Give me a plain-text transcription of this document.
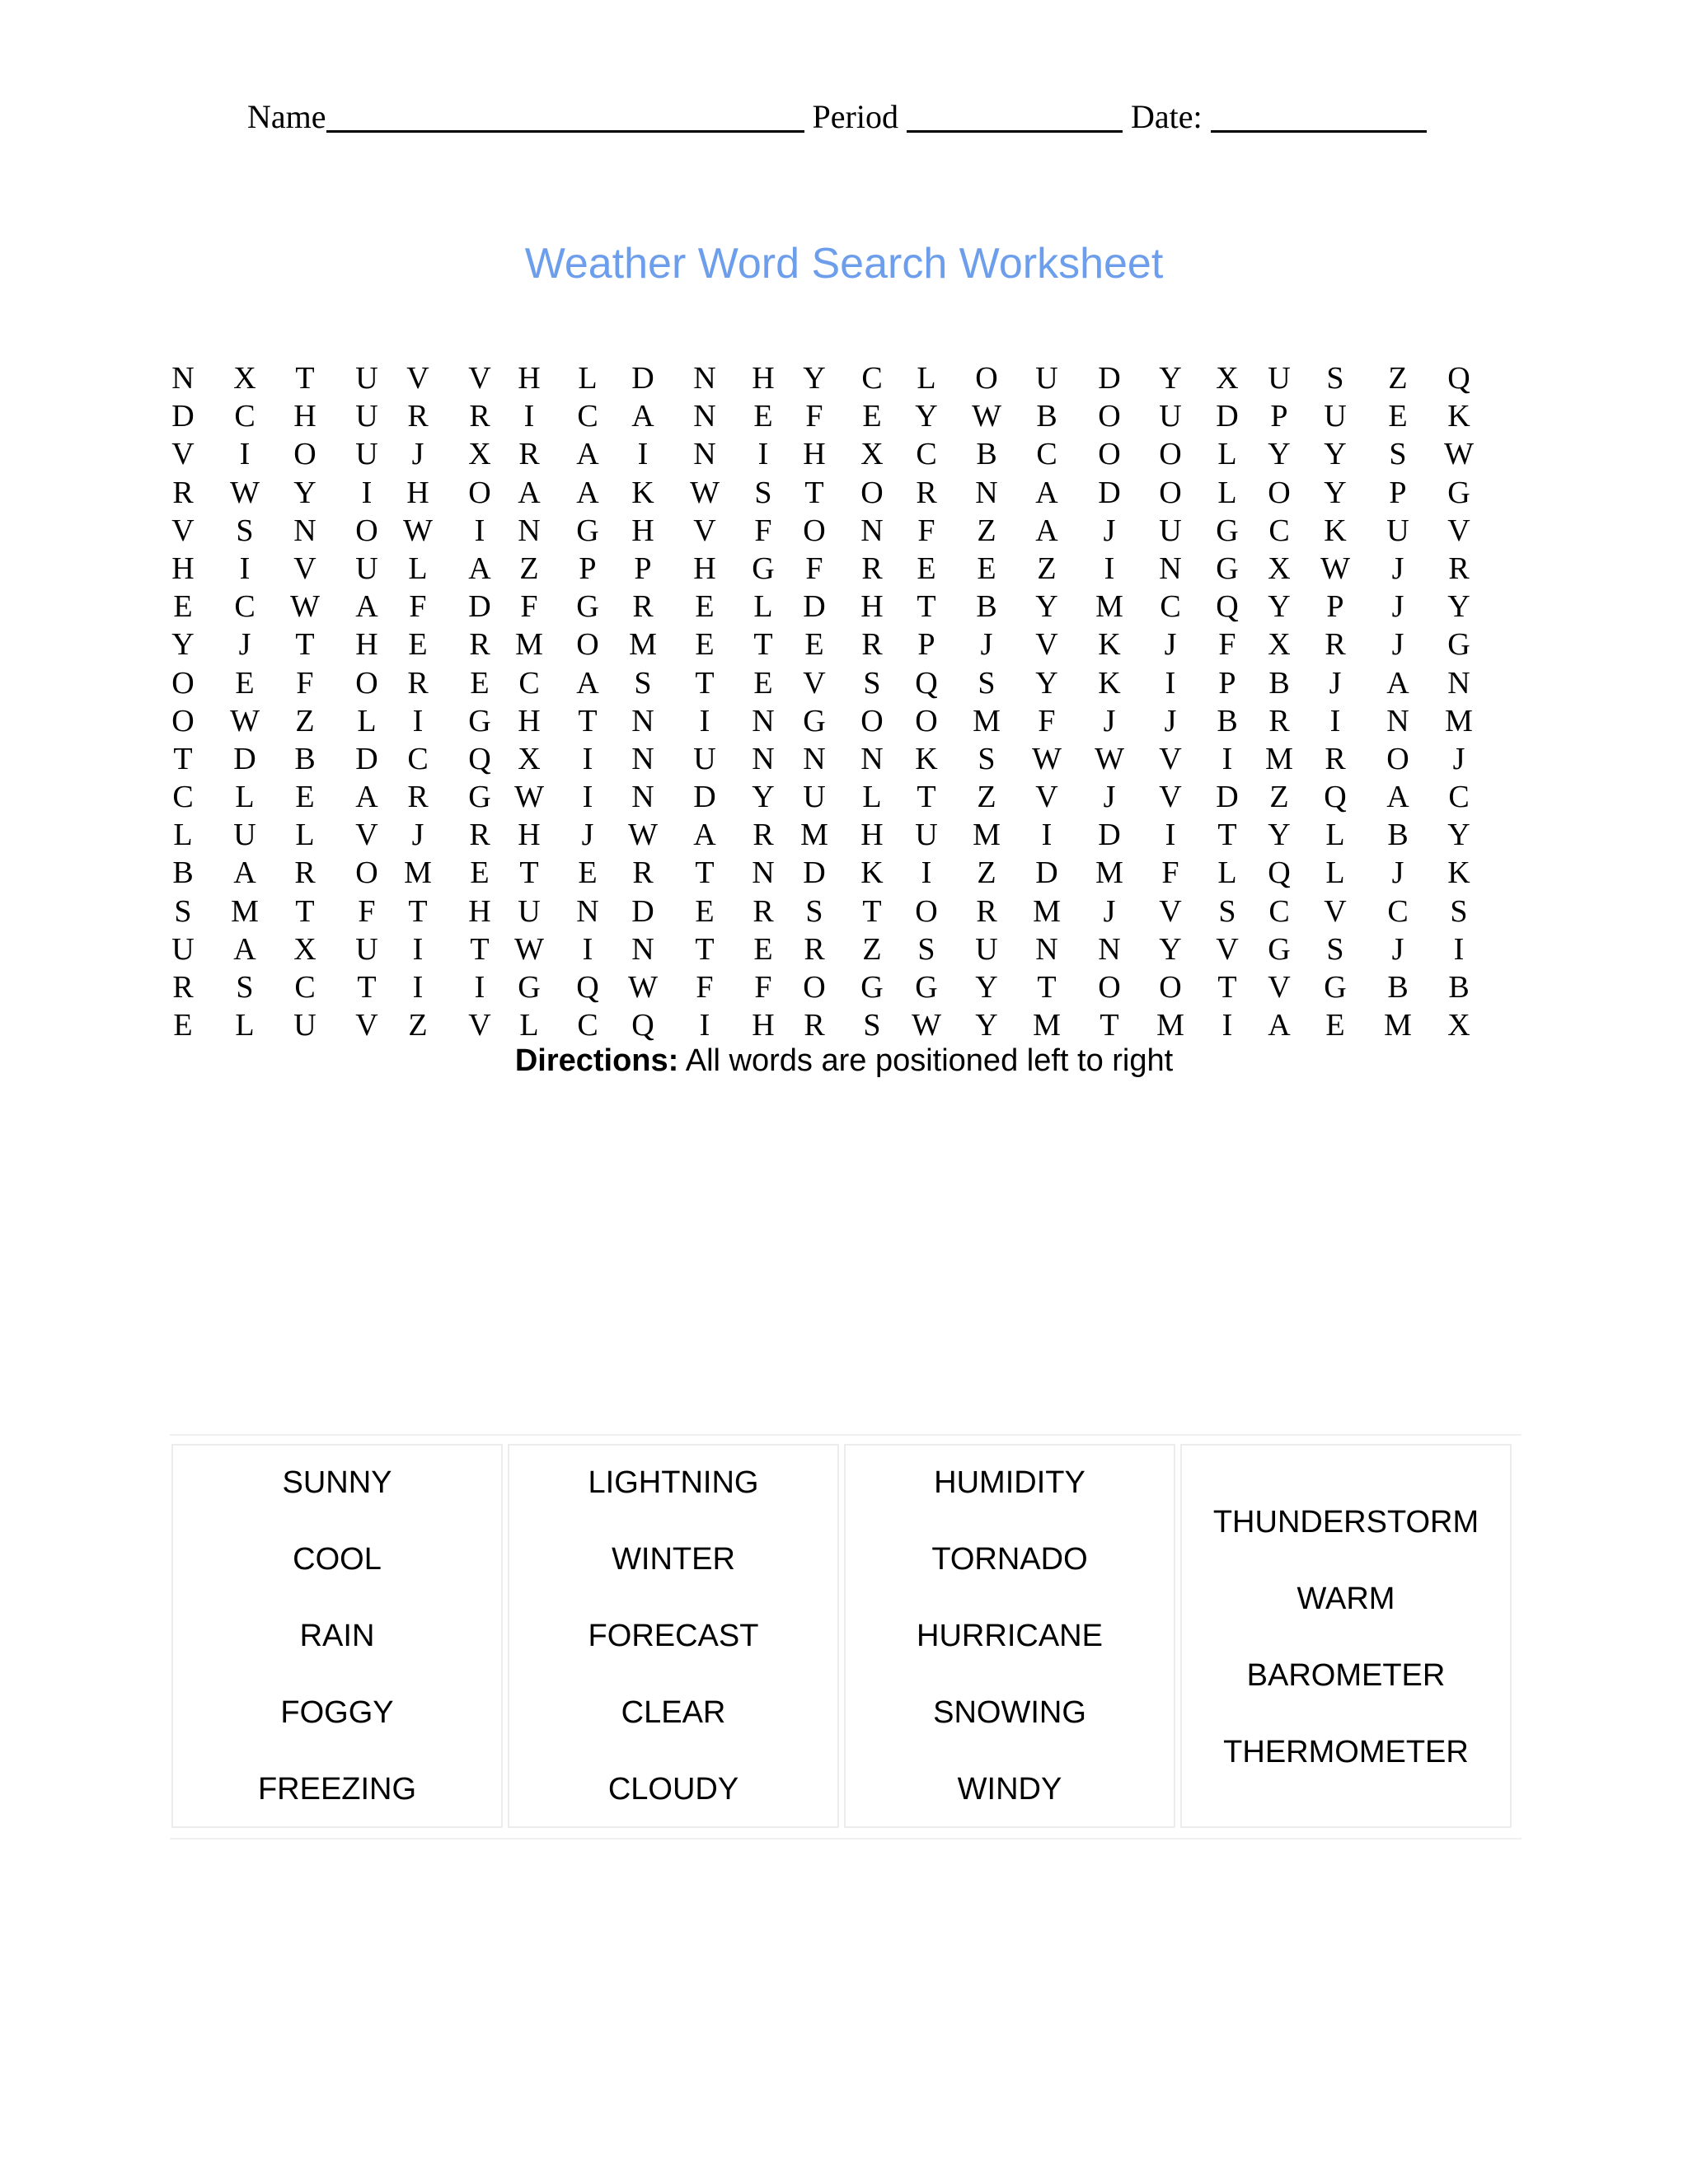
Name	Period	Date:
Weather Word Search Worksheet
N	X	T	U V	V H	L	D	N	H Y	C	L	O	U	D	Y	X U	S	Z	Q
D	C	H	U R	R	I	C	A	N	E	F	E	Y	W	B	O	U	D	P	U	E	K
V	I	O	U	J	X R	A	I	N	I	H	X	C	B	C	O	O	L Y	Y	S	W
R	W	Y	I	H	O A	A	K	W	S	T	O	R	N	A	D	O	L O	Y	P	G
V	S	N	O W	I	N	G	H	V	F O	N	F	Z	A	J	U	G C	K	U	V
H	I	V	U L	A Z	P	P	H	G F	R	E	E	Z	I	N	G X W	J	R
E	C	W	A F	D F	G	R	E	L D	H	T	B	Y	M	C	Q Y	P	J	Y
Y	J	T	H E	R M	O M	E	T	E	R	P	J	V	K	J	F	X	R	J	G
O	E	F	O R	E C	A	S	T	E V	S	Q	S	Y	K	I	P	B	J	A	N
O	W	Z	L	I	G H	T	N	I	N G	O	O	M	F	J	J	B R	I	N	M
T	D	B	D C	Q X	I	N	U	N N	N	K	S	W	W	V	I	M	R	O	J
C	L	E	A R	G W	I	N	D	Y U	L	T	Z	V	J	V	D Z	Q	A	C
L	U	L	V	J	R H	J	W	A	R M	H	U	M	I	D	I	T Y	L	B	Y
B	A	R	O M	E T	E	R	T	N D	K	I	Z	D	M	F	L Q	L	J	K
S	M	T	F	T	H U	N	D	E	R	S	T	O	R	M	J	V	S	C	V	C	S
U	A	X	U	I	T W	I	N	T	E R	Z	S	U	N	N	Y	V G	S	J	I
R	S	C	T	I	I	G	Q W	F	F O	G	G	Y	T	O	O	T V	G	B	B
E	L	U	V Z	V L	C	Q	I	H R	S W	Y	M	T	M	I	A	E	M	X
Directions: All words are positioned left to right
SUNNY
COOL
RAIN
FOGGY
FREEZING
LIGHTNING
WINTER
FORECAST
CLEAR
CLOUDY
HUMIDITY
TORNADO
HURRICANE
SNOWING
WINDY
THUNDERSTORM
WARM
BAROMETER
THERMOMETER
